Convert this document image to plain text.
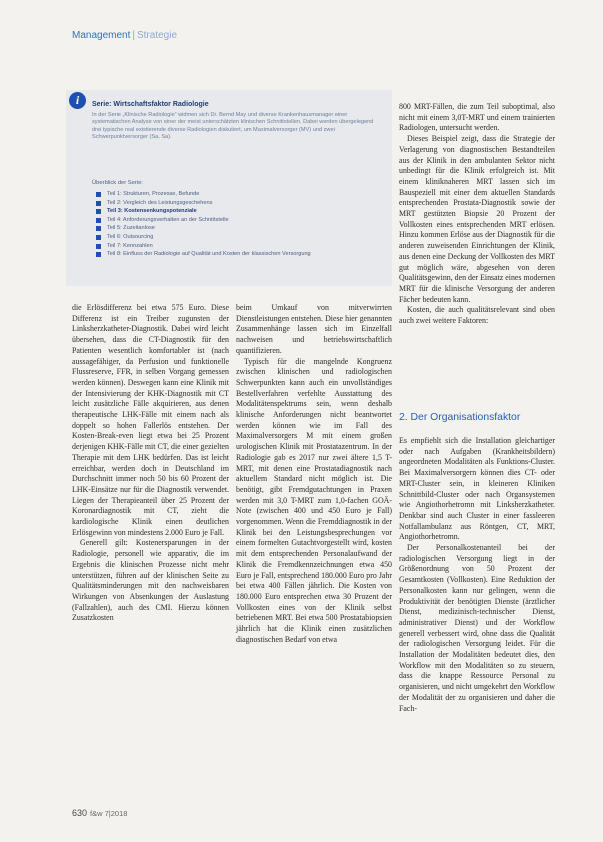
Management | Strategie
i	Serie: Wirtschaftsfaktor Radiologie
In der Serie „Klinische Radiologie“ widmen sich Dr. Bernd May und diverse Krankenhausmanager einer systematischen Analyse von einer der meist unterschätzten klinischen Schnittstellen. Dabei werden übergelegend drei typische real existierende diverse Radiologien diskutiert, um Maximalversorger (MV) und zwei Schwerpunktversorger (Sa, Sa).
Überblick der Serie:
Teil 1: Strukturen, Prozesse, Befunde
Teil 2: Vergleich des Leistungsgeschehens
Teil 3: Kostensenkungspotenziale
Teil 4: Anforderungsverhalten an der Schnittstelle
Teil 5: Zuzeitanlose
Teil 6: Outsourcing
Teil 7: Kennzahlen
Teil 8: Einfluss der Radiologie auf Qualität und Kosten der klassischen Versorgung

die Erlösdifferenz bei etwa 575 Euro. Diese Differenz ist ein Treiber zugunsten der Linksherzkatheter-Diagnostik. Dabei wird leicht übersehen, dass die CT-Diagnostik für den Patienten wesentlich komfortabler ist (nach aussagefähiger, da Perfusion und funktionelle Flussreserve, FFR, in selben Vorgang gemessen werden können). Deswegen kann eine Klinik mit der Intensivierung der KHK-Diagnostik mit CT leicht zusätzliche Fälle akquirieren, aus denen therapeutische LHK-Fälle mit einem nach als doppelt so hohen Fallerlös entstehen. Der Kosten-Break-even liegt etwa bei 25 Prozent derjenigen KHK-Fälle mit CT, die einer gezielten Therapie mit dem LHK bedürfen. Das ist leicht erreichbar, werden doch in Deutschland im Durchschnitt immer noch 50 bis 60 Prozent der LHK-Einsätze nur für die Diagnostik verwendet. Liegen der Therapieanteil über 25 Prozent der Koronardiagnostik mit CT, zieht die kardiologische Klinik einen deutlichen Erlösgewinn von mindestens 2.000 Euro je Fall.

Generell gilt: Kostenersparungen in der Radiologie, personell wie apparativ, die im Ergebnis die klinischen Prozesse nicht mehr unterstützen, führen auf der klinischen Seite zu Qualitätsminderungen mit den nachweisbaren Wirkungen von Absenkungen der Auslastung (Fallzahlen), auch des CMI. Hierzu können Zusatzkosten

beim Umkauf von mitverwirrten Dienstleistungen entstehen. Diese hier genannten Zusammenhänge lassen sich im Einzelfall nachweisen und betriebswirtschaftlich quantifizieren.

Typisch für die mangelnde Kongruenz zwischen klinischen und radiologischen Schwerpunkten kann auch ein unvollständiges Bestellverfahren verfehlte Ausstattung des Modalitätenspektrums sein, wenn deshalb klinische Anforderungen nicht beantwortet werden können wie im Fall des Maximalversorgers M mit einem großen urologischen Klinik mit Prostatazentrum. In der Radiologie gab es 2017 nur zwei ältere 1,5 T-MRT, mit denen eine Prostatadiagnostik nach aktuellem Standard nicht möglich ist. Die benötigt, gibt Fremdgutachtungen in Praxen werden mit 3,0 T-MRT zum 1,0-fachen GOÄ-Note (zwischen 400 und 450 Euro je Fall) vorgenommen. Wenn die Fremddiagnostik in der Klinik bei den Leistungsbesprechungen vor einem formelten Gutachtvorgestellt wird, kosten mit dem entsprechenden Personalaufwand der Klinik die Fremdkennzeichnungen etwa 450 Euro je Fall, entsprechend 180.000 Euro pro Jahr bei etwa 400 Fällen jährlich. Die Kosten von 180.000 Euro entsprechen etwa 30 Prozent der Vollkosten eines von der Klinik selbst betriebenen MRT. Bei etwa 500 Prostatabiopsien jährlich hat die Klinik einen zusätzlichen diagnostischen Bedarf von etwa

800 MRT-Fällen, die zum Teil suboptimal, also nicht mit einem 3,0T-MRT und einem trainierten Radiologen, untersucht werden.

Dieses Beispiel zeigt, dass die Strategie der Verlagerung von diagnostischen Bestandteilen aus der Klinik in den ambulanten Sektor nicht unbedingt für die Klinik erfolgreich ist. Mit einem kliniknaheren MRT lassen sich im Bauspeziell mit einer dem aktuellen Standards entsprechenden Prostata-Diagnostik sowie der MRT gestützten Biopsie 20 Prozent der Vollkosten eines entsprechenden MRT erlösen. Hinzu kommen Erlöse aus der Diagnostik für die anderen zuweisenden Einrichtungen der Klinik, aus denen eine Deckung der Vollkosten des MRT gut möglich wäre, abgesehen von deren Qualitätsgewinn, den der Einsatz eines modernen MRT für die klinische Versorgung der anderen Fächer bedeuten kann.

Kosten, die auch qualitätsrelevant sind oben auch zwei weitere Faktoren:

2. Der Organisationsfaktor

Es empfiehlt sich die Installation gleichartiger oder nach Aufgaben (Krankheitsbildern) angeordneten Modalitäten als Funktions-Cluster. Bei Maximalversorgern können dies CT- oder MRT-Cluster sein, in kleineren Kliniken Schnittbild-Cluster oder nach Organsystemen wie Angiothorhetromn mit Linksherzkatheter. Denkbar sind auch Cluster in einer fassleeren Notfallambulanz aus Röntgen, CT, MRT, Angiothorhetromn.

Der Personalkostenanteil bei der radiologischen Versorgung liegt in der Größenordnung von 50 Prozent der Gesamtkosten (Vollkosten). Eine Reduktion der Personalkosten kann nur gelingen, wenn die Produktivität der benötigten Dienste (ärztlicher Dienst, medizinisch-technischer Dienst, administrativer Dienst) und der Workflow generell verbessert wird, ohne dass die Qualität der radiologischen Versorgung leidet. Für die Installation der Modalitäten bedeutet dies, den Workflow mit den Modalitäten so zu steuern, dass die knappe Ressource Personal zu organisieren, und nicht umgekehrt den Workflow der Modalität der zu organisieren und daher die Fach-

630 f&w 7|2018
